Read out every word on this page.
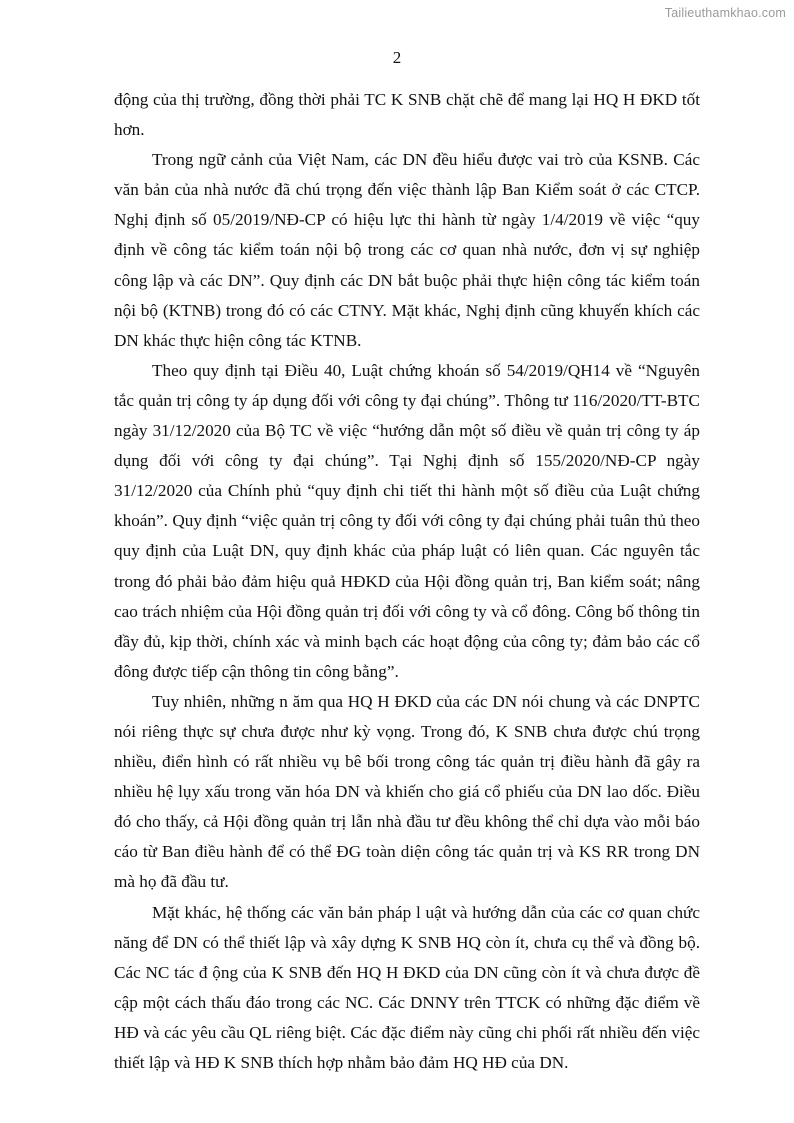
Tailieuthamkhao.com
2

động của thị trường, đồng thời phải TC K SNB chặt chẽ để mang lại HQ H ĐKD tốt hơn.

Trong ngữ cảnh của Việt Nam, các DN đều hiểu được vai trò của KSNB. Các văn bản của nhà nước đã chú trọng đến việc thành lập Ban Kiểm soát ở các CTCP. Nghị định số 05/2019/NĐ-CP có hiệu lực thi hành từ ngày 1/4/2019 về việc “quy định về công tác kiểm toán nội bộ trong các cơ quan nhà nước, đơn vị sự nghiệp công lập và các DN”. Quy định các DN bắt buộc phải thực hiện công tác kiểm toán nội bộ (KTNB) trong đó có các CTNY. Mặt khác, Nghị định cũng khuyến khích các DN khác thực hiện công tác KTNB.

Theo quy định tại Điều 40, Luật chứng khoán số 54/2019/QH14 về “Nguyên tắc quản trị công ty áp dụng đối với công ty đại chúng”. Thông tư 116/2020/TT-BTC ngày 31/12/2020 của Bộ TC về việc “hướng dẫn một số điều về quản trị công ty áp dụng đối với công ty đại chúng”. Tại Nghị định số 155/2020/NĐ-CP ngày 31/12/2020 của Chính phủ “quy định chi tiết thi hành một số điều của Luật chứng khoán”. Quy định “việc quản trị công ty đối với công ty đại chúng phải tuân thủ theo quy định của Luật DN, quy định khác của pháp luật có liên quan. Các nguyên tắc trong đó phải bảo đảm hiệu quả HĐKD của Hội đồng quản trị, Ban kiểm soát; nâng cao trách nhiệm của Hội đồng quản trị đối với công ty và cổ đông. Công bố thông tin đầy đủ, kịp thời, chính xác và minh bạch các hoạt động của công ty; đảm bảo các cổ đông được tiếp cận thông tin công bằng”.

Tuy nhiên, những n ăm qua HQ H ĐKD của các DN nói chung và các DNPTC nói riêng thực sự chưa được như kỳ vọng. Trong đó, K SNB chưa được chú trọng nhiều, điển hình có rất nhiều vụ bê bối trong công tác quản trị điều hành đã gây ra nhiều hệ lụy xấu trong văn hóa DN và khiến cho giá cổ phiếu của DN lao dốc. Điều đó cho thấy, cả Hội đồng quản trị lẫn nhà đầu tư đều không thể chỉ dựa vào mỗi báo cáo từ Ban điều hành để có thể ĐG toàn diện công tác quản trị và KS RR trong DN mà họ đã đầu tư.

Mặt khác, hệ thống các văn bản pháp l uật và hướng dẫn của các cơ quan chức năng để DN có thể thiết lập và xây dựng K SNB HQ còn ít, chưa cụ thể và đồng bộ. Các NC tác đ ộng của K SNB đến HQ H ĐKD của DN cũng còn ít và chưa được đề cập một cách thấu đáo trong các NC. Các DNNY trên TTCK có những đặc điểm về HĐ và các yêu cầu QL riêng biệt. Các đặc điểm này cũng chi phối rất nhiều đến việc thiết lập và HĐ K SNB thích hợp nhằm bảo đảm HQ HĐ của DN.
